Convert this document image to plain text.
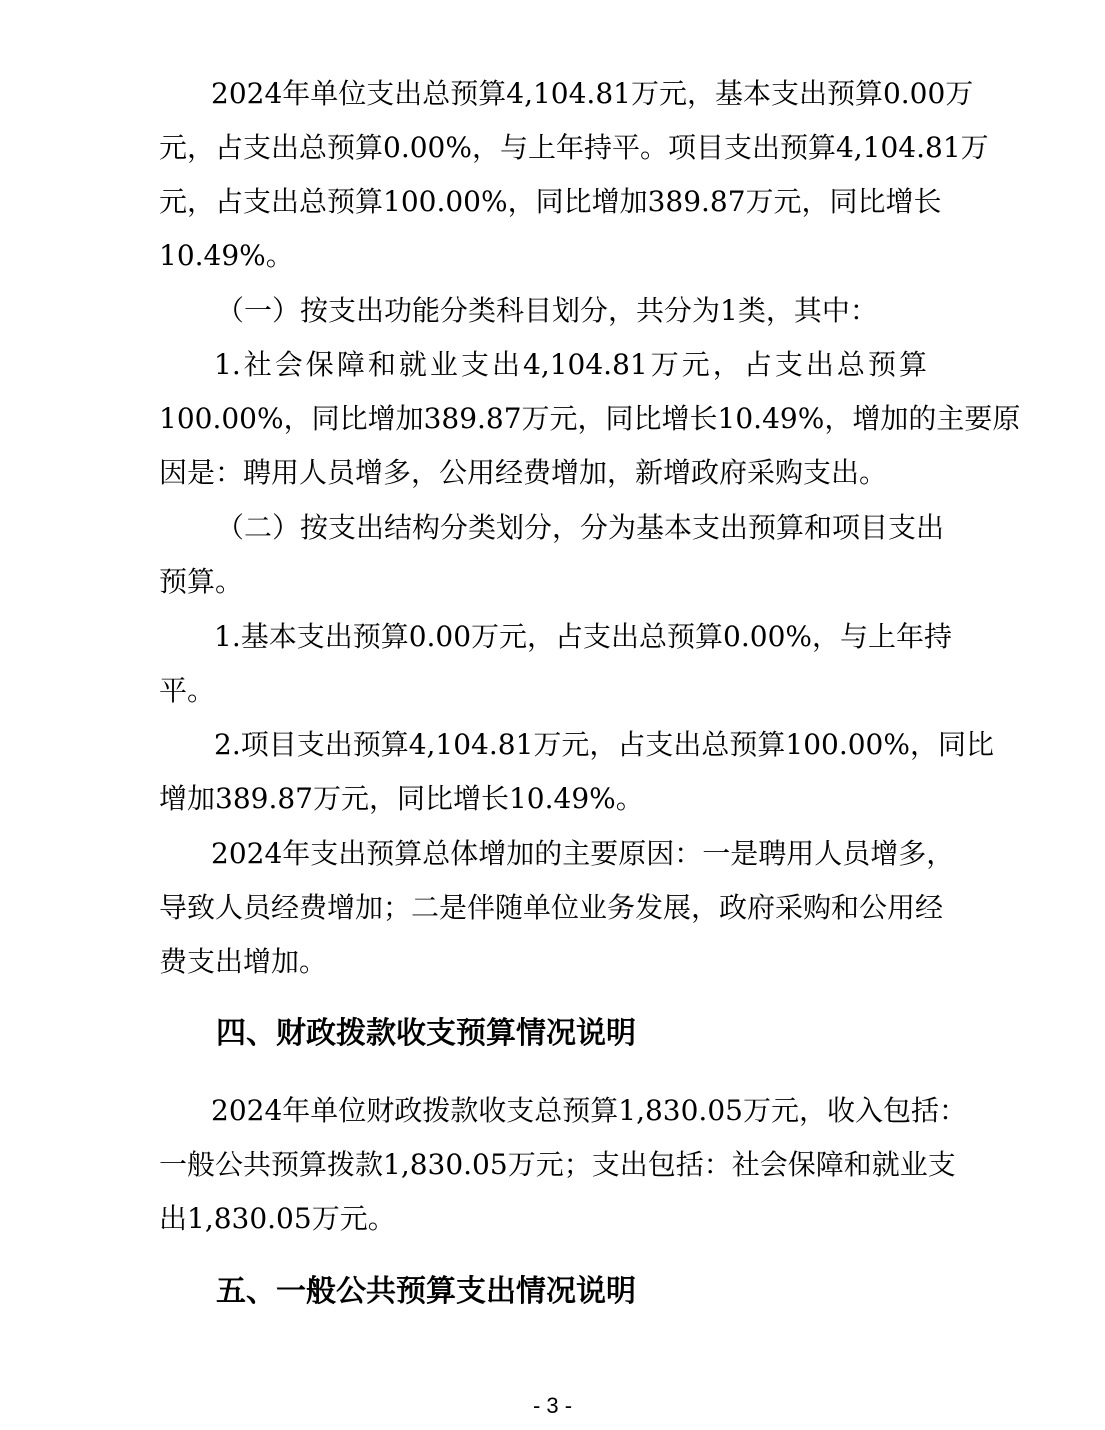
2024年单位支出总预算4,104.81万元，基本支出预算0.00万
元，占支出总预算0.00%，与上年持平。项目支出预算4,104.81万
元，占支出总预算100.00%，同比增加389.87万元，同比增长
10.49%。
（一）按支出功能分类科目划分，共分为1类，其中：
1.社会保障和就业支出4,104.81万元，占支出总预算
100.00%，同比增加389.87万元，同比增长10.49%，增加的主要原
因是：聘用人员增多，公用经费增加，新增政府采购支出。
（二）按支出结构分类划分，分为基本支出预算和项目支出
预算。
1.基本支出预算0.00万元，占支出总预算0.00%，与上年持
平。
2.项目支出预算4,104.81万元，占支出总预算100.00%，同比
增加389.87万元，同比增长10.49%。
2024年支出预算总体增加的主要原因：一是聘用人员增多，
导致人员经费增加；二是伴随单位业务发展，政府采购和公用经
费支出增加。
四、财政拨款收支预算情况说明
2024年单位财政拨款收支总预算1,830.05万元，收入包括：
一般公共预算拨款1,830.05万元；支出包括：社会保障和就业支
出1,830.05万元。
五、一般公共预算支出情况说明
- 3 -
